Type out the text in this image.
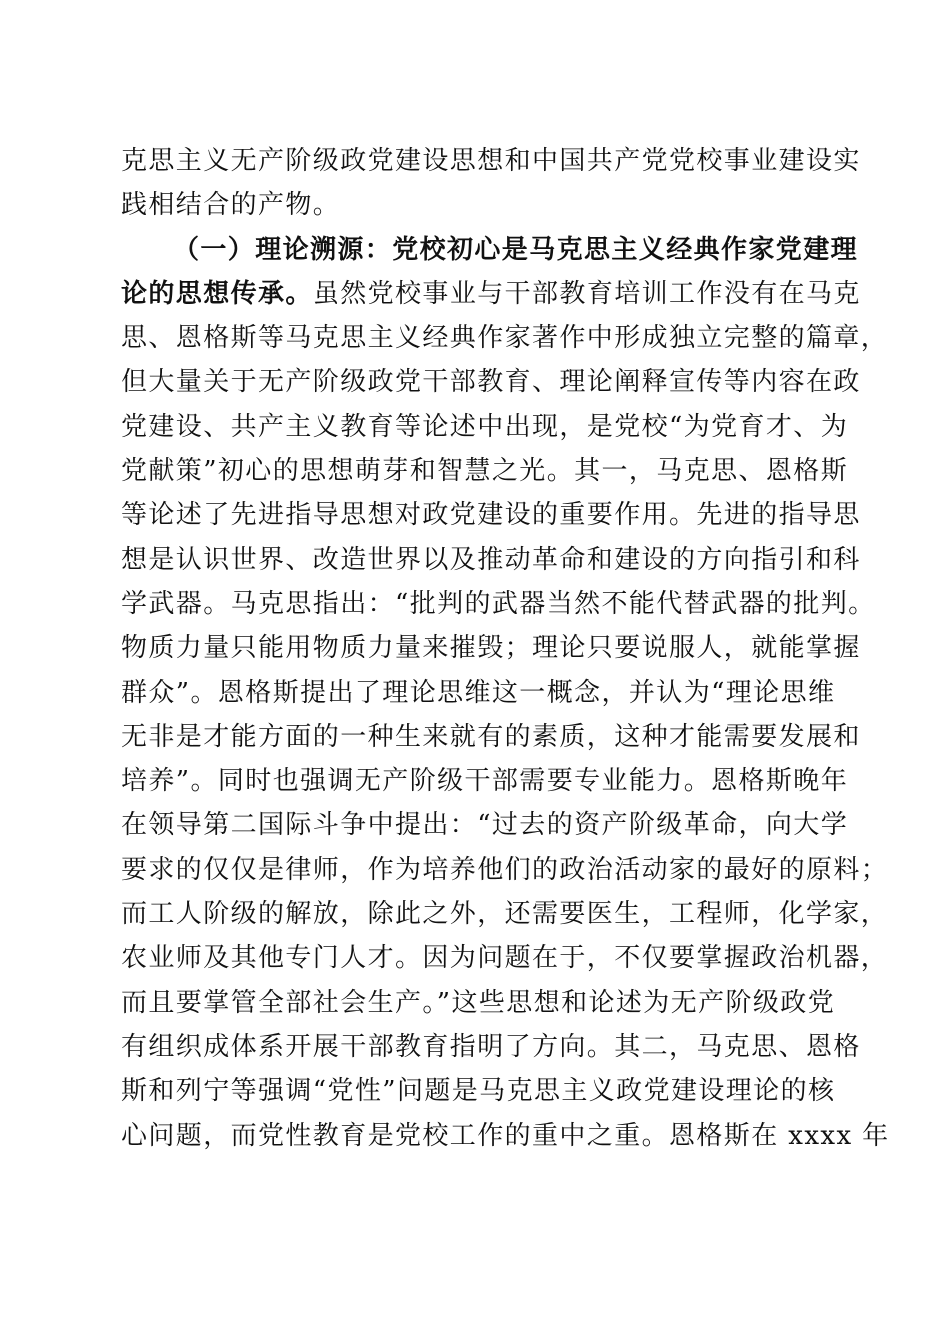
克思主义无产阶级政党建设思想和中国共产党党校事业建设实
践相结合的产物。
（一）理论溯源：党校初心是马克思主义经典作家党建理
论的思想传承。虽然党校事业与干部教育培训工作没有在马克
思、恩格斯等马克思主义经典作家著作中形成独立完整的篇章，
但大量关于无产阶级政党干部教育、理论阐释宣传等内容在政
党建设、共产主义教育等论述中出现，是党校“为党育才、为
党献策”初心的思想萌芽和智慧之光。其一，马克思、恩格斯
等论述了先进指导思想对政党建设的重要作用。先进的指导思
想是认识世界、改造世界以及推动革命和建设的方向指引和科
学武器。马克思指出：“批判的武器当然不能代替武器的批判。
物质力量只能用物质力量来摧毁；理论只要说服人，就能掌握
群众”。恩格斯提出了理论思维这一概念，并认为“理论思维
无非是才能方面的一种生来就有的素质，这种才能需要发展和
培养”。同时也强调无产阶级干部需要专业能力。恩格斯晚年
在领导第二国际斗争中提出：“过去的资产阶级革命，向大学
要求的仅仅是律师，作为培养他们的政治活动家的最好的原料；
而工人阶级的解放，除此之外，还需要医生，工程师，化学家，
农业师及其他专门人才。因为问题在于，不仅要掌握政治机器，
而且要掌管全部社会生产。”这些思想和论述为无产阶级政党
有组织成体系开展干部教育指明了方向。其二，马克思、恩格
斯和列宁等强调“党性”问题是马克思主义政党建设理论的核
心问题，而党性教育是党校工作的重中之重。恩格斯在 xxxx 年
